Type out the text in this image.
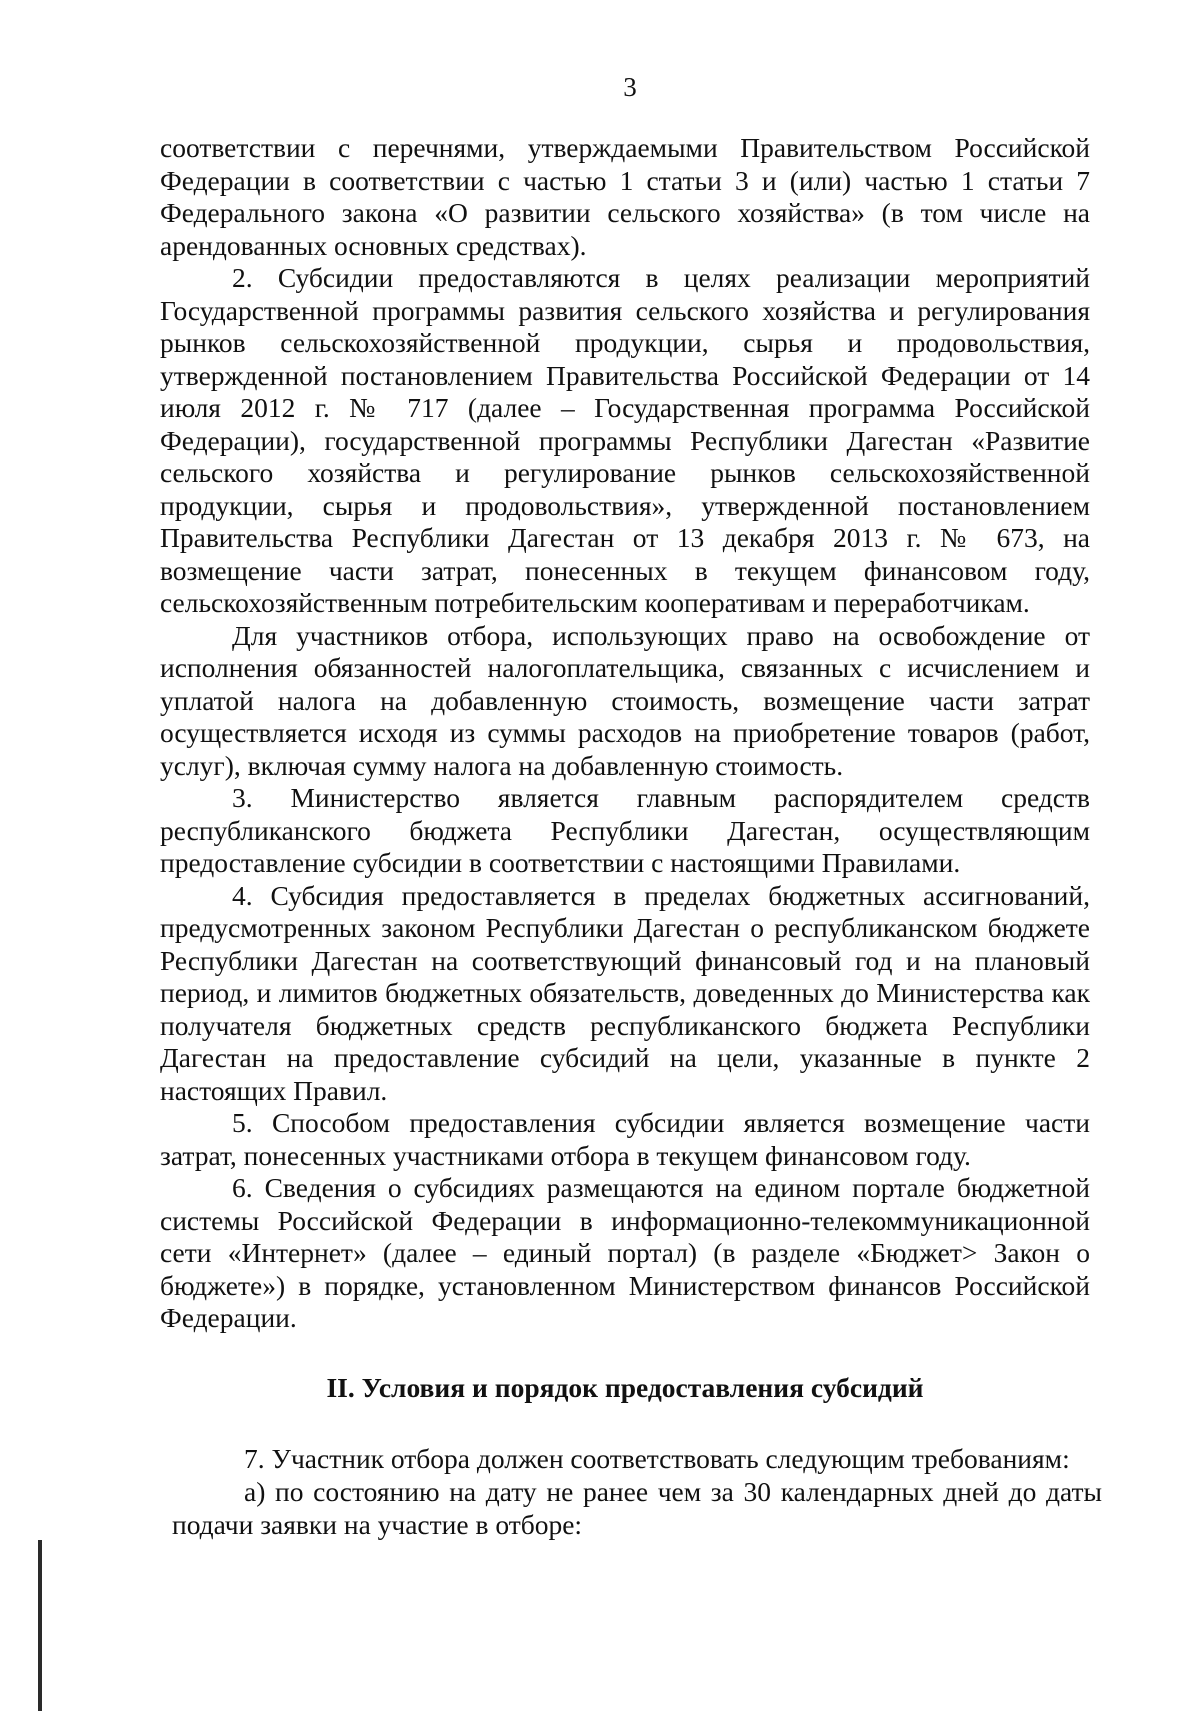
3

соответствии с перечнями, утверждаемыми Правительством Российской Федерации в соответствии с частью 1 статьи 3 и (или) частью 1 статьи 7 Федерального закона «О развитии сельского хозяйства» (в том числе на арендованных основных средствах).

2. Субсидии предоставляются в целях реализации мероприятий Государственной программы развития сельского хозяйства и регулирования рынков сельскохозяйственной продукции, сырья и продовольствия, утвержденной постановлением Правительства Российской Федерации от 14 июля 2012 г. № 717 (далее – Государственная программа Российской Федерации), государственной программы Республики Дагестан «Развитие сельского хозяйства и регулирование рынков сельскохозяйственной продукции, сырья и продовольствия», утвержденной постановлением Правительства Республики Дагестан от 13 декабря 2013 г. № 673, на возмещение части затрат, понесенных в текущем финансовом году, сельскохозяйственным потребительским кооперативам и переработчикам.

Для участников отбора, использующих право на освобождение от исполнения обязанностей налогоплательщика, связанных с исчислением и уплатой налога на добавленную стоимость, возмещение части затрат осуществляется исходя из суммы расходов на приобретение товаров (работ, услуг), включая сумму налога на добавленную стоимость.

3. Министерство является главным распорядителем средств республиканского бюджета Республики Дагестан, осуществляющим предоставление субсидии в соответствии с настоящими Правилами.

4. Субсидия предоставляется в пределах бюджетных ассигнований, предусмотренных законом Республики Дагестан о республиканском бюджете Республики Дагестан на соответствующий финансовый год и на плановый период, и лимитов бюджетных обязательств, доведенных до Министерства как получателя бюджетных средств республиканского бюджета Республики Дагестан на предоставление субсидий на цели, указанные в пункте 2 настоящих Правил.

5. Способом предоставления субсидии является возмещение части затрат, понесенных участниками отбора в текущем финансовом году.

6. Сведения о субсидиях размещаются на едином портале бюджетной системы Российской Федерации в информационно-телекоммуникационной сети «Интернет» (далее – единый портал) (в разделе «Бюджет> Закон о бюджете») в порядке, установленном Министерством финансов Российской Федерации.

II. Условия и порядок предоставления субсидий

7. Участник отбора должен соответствовать следующим требованиям:

а) по состоянию на дату не ранее чем за 30 календарных дней до даты подачи заявки на участие в отборе:
